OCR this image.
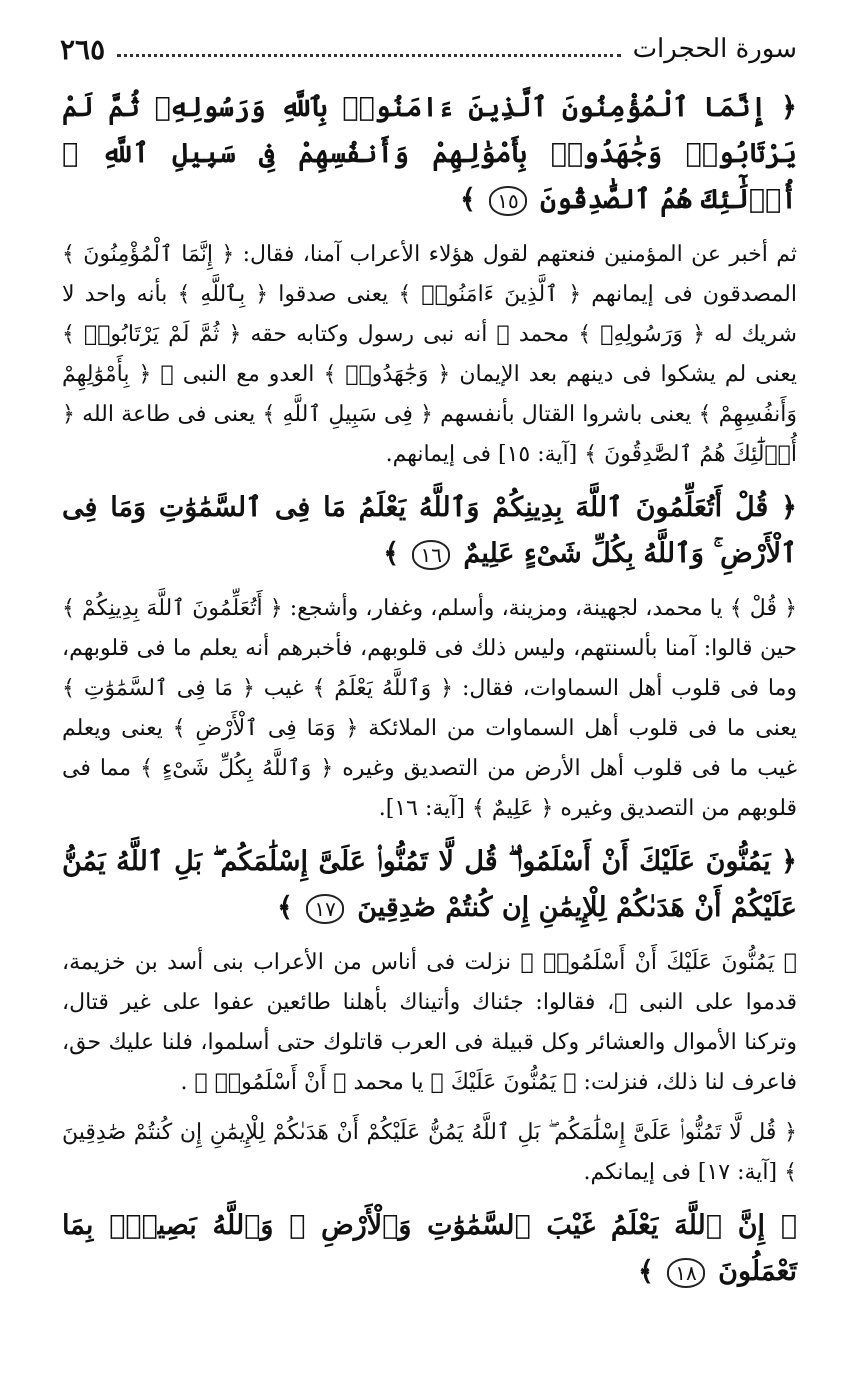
سورة الحجرات
٢٦٥

﴿ إِنَّمَا ٱلْمُؤْمِنُونَ ٱلَّذِينَ ءَامَنُوا۟ بِٱللَّهِ وَرَسُولِهِۦ ثُمَّ لَمْ يَرْتَابُوا۟ وَجَٰهَدُوا۟ بِأَمْوَٰلِهِمْ وَأَنفُسِهِمْ فِى سَبِيلِ ٱللَّهِ ۚ أُو۟لَٰٓئِكَ هُمُ ٱلصَّٰدِقُونَ ١٥ ﴾

ثم أخبر عن المؤمنين فنعتهم لقول هؤلاء الأعراب آمنا، فقال: ﴿ إِنَّمَا ٱلْمُؤْمِنُونَ ﴾ المصدقون فى إيمانهم ﴿ ٱلَّذِينَ ءَامَنُوا۟ ﴾ يعنى صدقوا ﴿ بِٱللَّهِ ﴾ بأنه واحد لا شريك له ﴿ وَرَسُولِهِۦ ﴾ محمد ﷺ أنه نبى رسول وكتابه حقه ﴿ ثُمَّ لَمْ يَرْتَابُوا۟ ﴾ يعنى لم يشكوا فى دينهم بعد الإيمان ﴿ وَجَٰهَدُوا۟ ﴾ العدو مع النبى ﷺ ﴿ بِأَمْوَٰلِهِمْ وَأَنفُسِهِمْ ﴾ يعنى باشروا القتال بأنفسهم ﴿ فِى سَبِيلِ ٱللَّهِ ﴾ يعنى فى طاعة الله ﴿ أُو۟لَٰٓئِكَ هُمُ ٱلصَّٰدِقُونَ ﴾ [آية: ١٥] فى إيمانهم.

﴿ قُلْ أَتُعَلِّمُونَ ٱللَّهَ بِدِينِكُمْ وَٱللَّهُ يَعْلَمُ مَا فِى ٱلسَّمَٰوَٰتِ وَمَا فِى ٱلْأَرْضِ ۚ وَٱللَّهُ بِكُلِّ شَىْءٍ عَلِيمٌ ١٦ ﴾

﴿ قُلْ ﴾ يا محمد، لجهينة، ومزينة، وأسلم، وغفار، وأشجع: ﴿ أَتُعَلِّمُونَ ٱللَّهَ بِدِينِكُمْ ﴾ حين قالوا: آمنا بألسنتهم، وليس ذلك فى قلوبهم، فأخبرهم أنه يعلم ما فى قلوبهم، وما فى قلوب أهل السماوات، فقال: ﴿ وَٱللَّهُ يَعْلَمُ ﴾ غيب ﴿ مَا فِى ٱلسَّمَٰوَٰتِ ﴾ يعنى ما فى قلوب أهل السماوات من الملائكة ﴿ وَمَا فِى ٱلْأَرْضِ ﴾ يعنى ويعلم غيب ما فى قلوب أهل الأرض من التصديق وغيره ﴿ وَٱللَّهُ بِكُلِّ شَىْءٍ ﴾ مما فى قلوبهم من التصديق وغيره ﴿ عَلِيمٌ ﴾ [آية: ١٦].

﴿ يَمُنُّونَ عَلَيْكَ أَنْ أَسْلَمُوا۟ ۖ قُل لَّا تَمُنُّوا۟ عَلَىَّ إِسْلَٰمَكُم ۖ بَلِ ٱللَّهُ يَمُنُّ عَلَيْكُمْ أَنْ هَدَىٰكُمْ لِلْإِيمَٰنِ إِن كُنتُمْ صَٰدِقِينَ ١٧ ﴾

﴿ يَمُنُّونَ عَلَيْكَ أَنْ أَسْلَمُوا۟ ﴾ نزلت فى أناس من الأعراب بنى أسد بن خزيمة، قدموا على النبى ﷺ، فقالوا: جئناك وأتيناك بأهلنا طائعين عفوا على غير قتال، وتركنا الأموال والعشائر وكل قبيلة فى العرب قاتلوك حتى أسلموا، فلنا عليك حق، فاعرف لنا ذلك، فنزلت: ﴿ يَمُنُّونَ عَلَيْكَ ﴾ يا محمد ﴿ أَنْ أَسْلَمُوا۟ ﴾ .

﴿ قُل لَّا تَمُنُّوا۟ عَلَىَّ إِسْلَٰمَكُم ۖ بَلِ ٱللَّهُ يَمُنُّ عَلَيْكُمْ أَنْ هَدَىٰكُمْ لِلْإِيمَٰنِ إِن كُنتُمْ صَٰدِقِينَ ﴾ [آية: ١٧] فى إيمانكم.

﴿ إِنَّ ٱللَّهَ يَعْلَمُ غَيْبَ ٱلسَّمَٰوَٰتِ وَٱلْأَرْضِ ۚ وَٱللَّهُ بَصِيرٌۢ بِمَا تَعْمَلُونَ ١٨ ﴾
